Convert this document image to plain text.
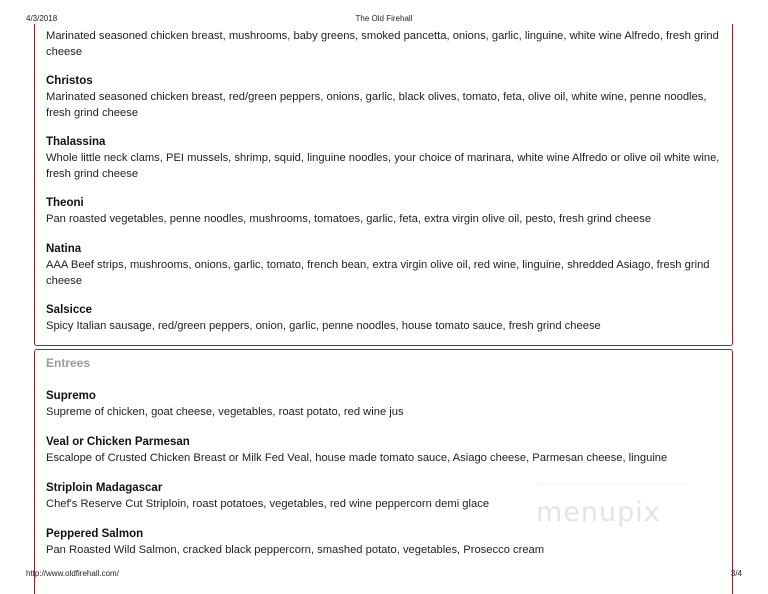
4/3/2018	The Old Firehall
Marinated seasoned chicken breast, mushrooms, baby greens, smoked pancetta, onions, garlic, linguine, white wine Alfredo, fresh grind cheese
Christos
Marinated seasoned chicken breast, red/green peppers, onions, garlic, black olives, tomato, feta, olive oil, white wine, penne noodles, fresh grind cheese
Thalassina
Whole little neck clams, PEI mussels, shrimp, squid, linguine noodles, your choice of marinara, white wine Alfredo or olive oil white wine, fresh grind cheese
Theoni
Pan roasted vegetables, penne noodles, mushrooms, tomatoes, garlic, feta, extra virgin olive oil, pesto, fresh grind cheese
Natina
AAA Beef strips, mushrooms, onions, garlic, tomato, french bean, extra virgin olive oil, red wine, linguine, shredded Asiago, fresh grind cheese
Salsicce
Spicy Italian sausage, red/green peppers, onion, garlic, penne noodles, house tomato sauce, fresh grind cheese
Entrees
Supremo
Supreme of chicken, goat cheese, vegetables, roast potato, red wine jus
Veal or Chicken Parmesan
Escalope of Crusted Chicken Breast or Milk Fed Veal, house made tomato sauce, Asiago cheese, Parmesan cheese, linguine
Striploin Madagascar
Chef's Reserve Cut Striploin, roast potatoes, vegetables, red wine peppercorn demi glace
Peppered Salmon
Pan Roasted Wild Salmon, cracked black peppercorn, smashed potato, vegetables, Prosecco cream
menupix
http://www.oldfirehall.com/	3/4
